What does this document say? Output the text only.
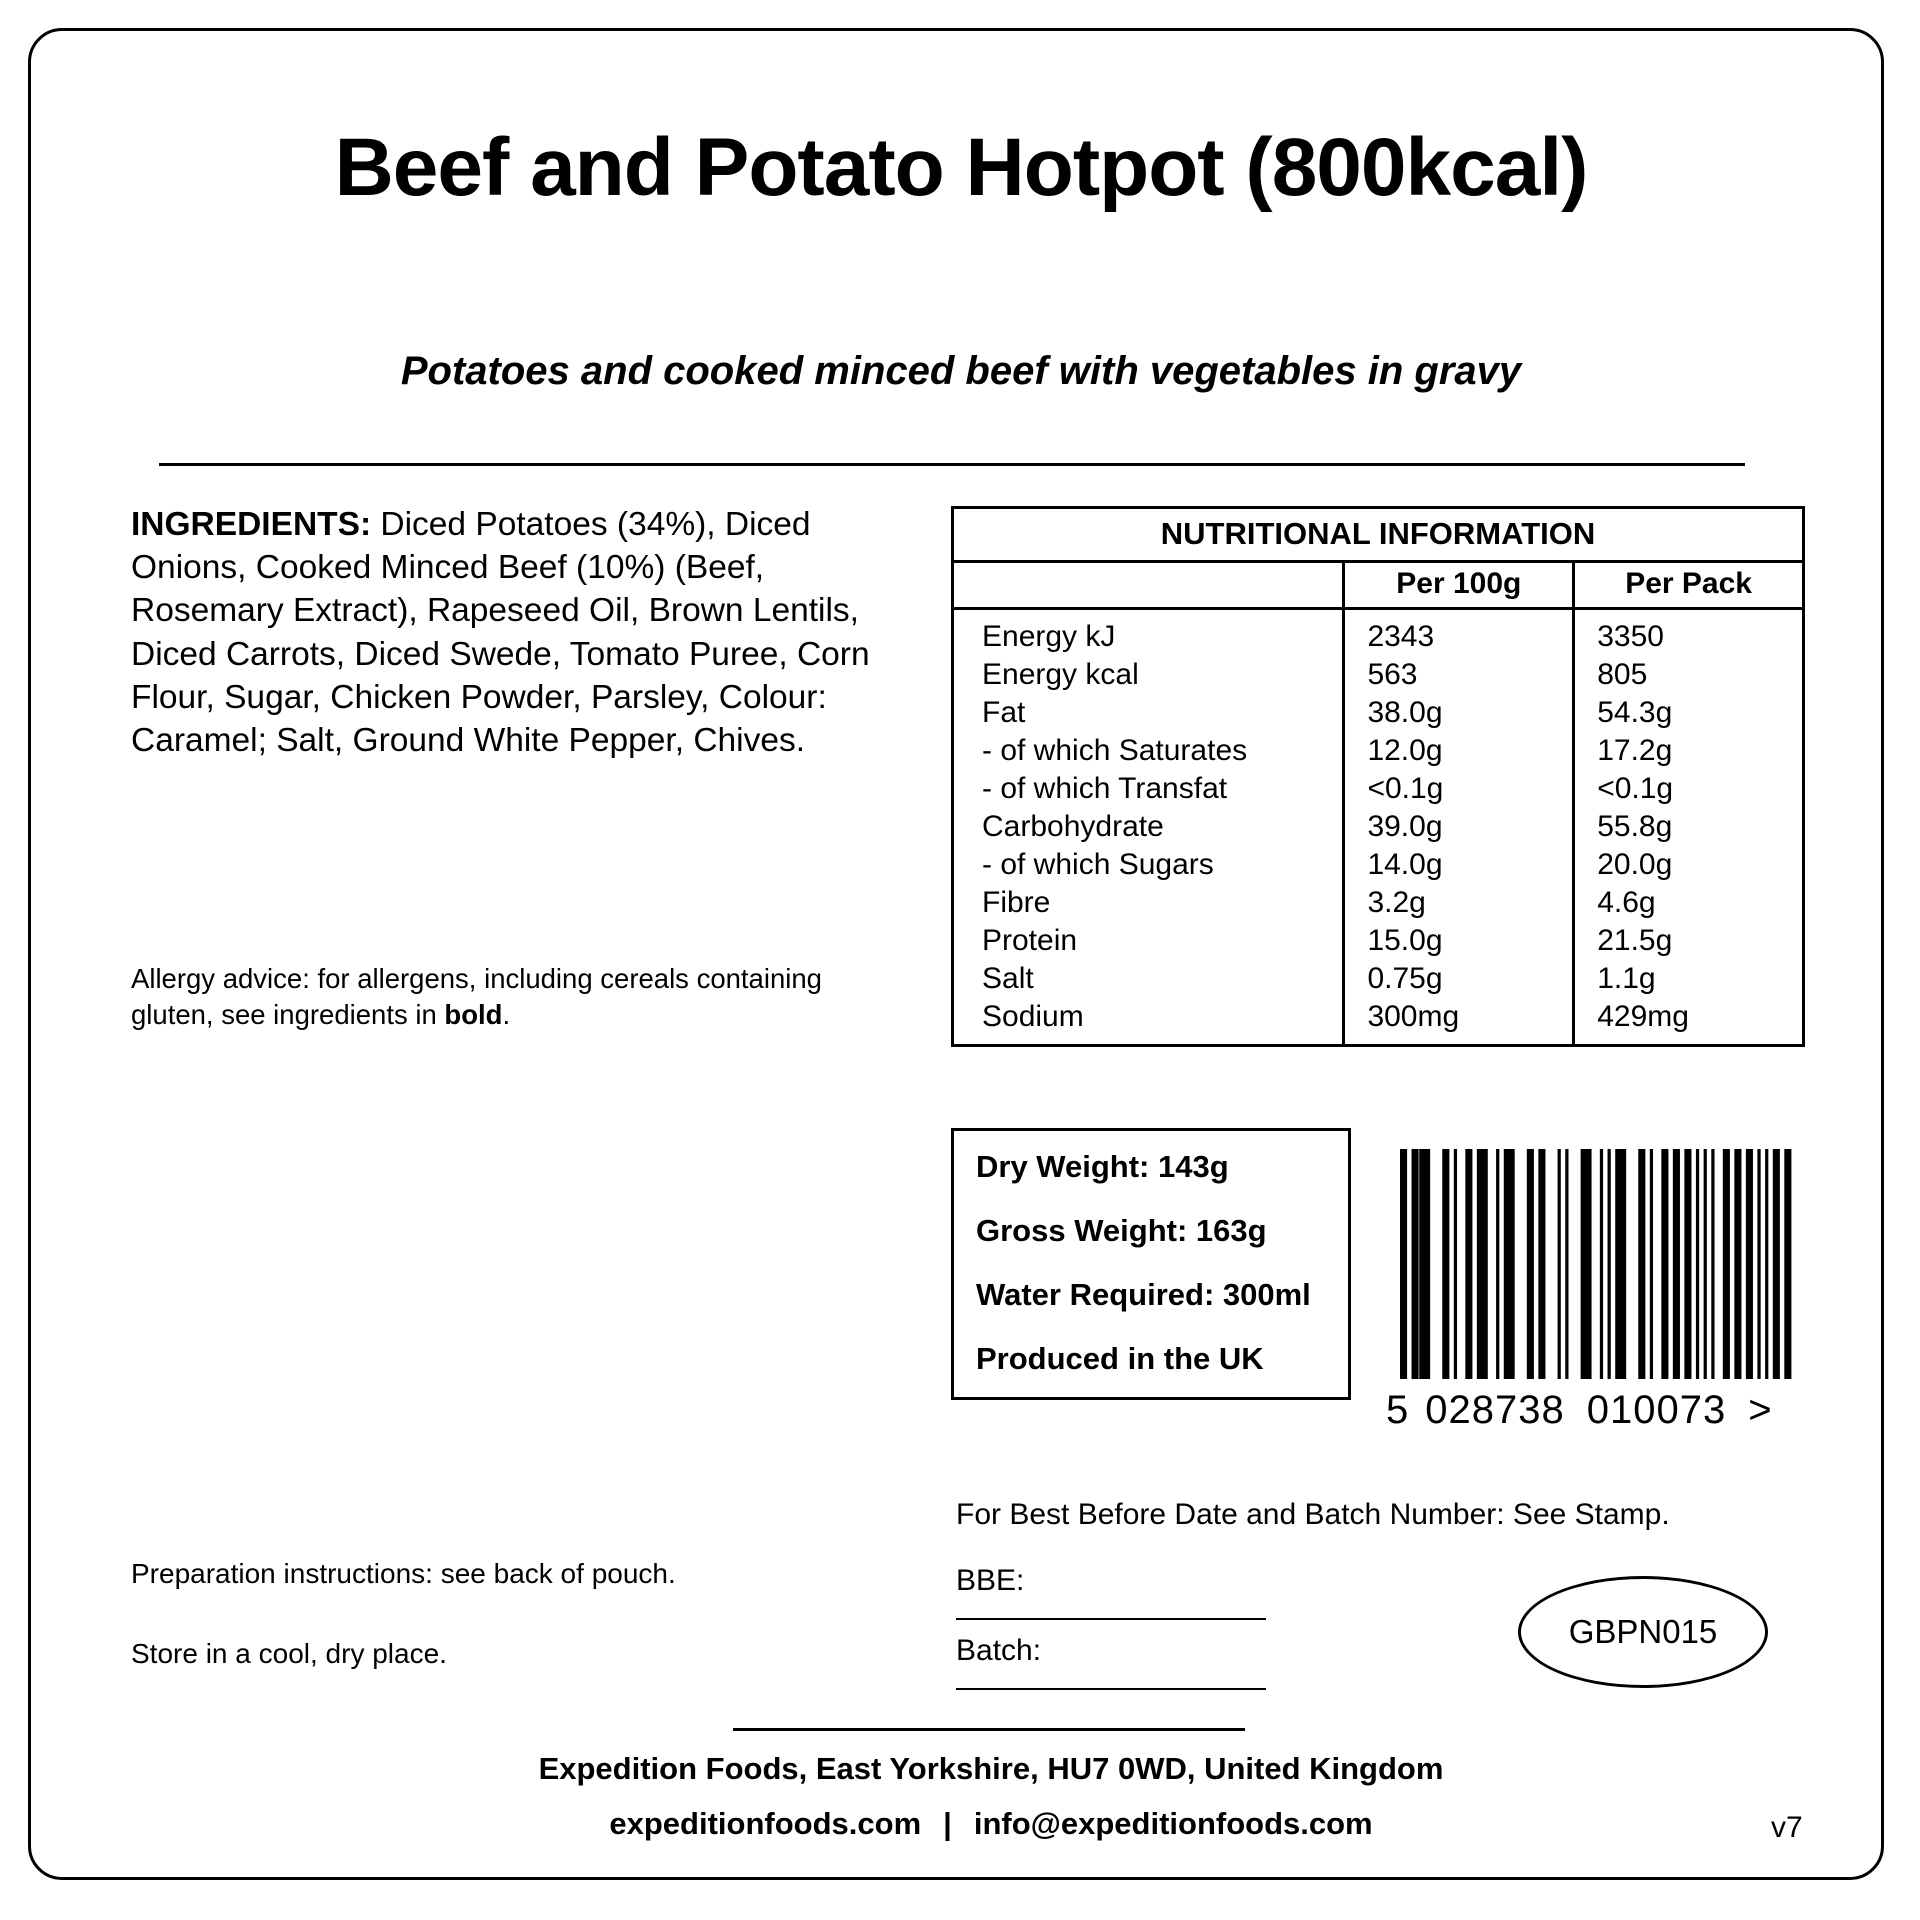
Beef and Potato Hotpot (800kcal)
Potatoes and cooked minced beef with vegetables in gravy
INGREDIENTS: Diced Potatoes (34%), Diced Onions, Cooked Minced Beef (10%) (Beef, Rosemary Extract), Rapeseed Oil, Brown Lentils, Diced Carrots, Diced Swede, Tomato Puree, Corn Flour, Sugar, Chicken Powder, Parsley, Colour: Caramel; Salt, Ground White Pepper, Chives.
Allergy advice: for allergens, including cereals containing gluten, see ingredients in bold.
Preparation instructions: see back of pouch.
Store in a cool, dry place.
NUTRITIONAL INFORMATION
	Per 100g	Per Pack
Energy kJ	2343	3350
Energy kcal	563	805
Fat	38.0g	54.3g
- of which Saturates	12.0g	17.2g
- of which Transfat	<0.1g	<0.1g
Carbohydrate	39.0g	55.8g
- of which Sugars	14.0g	20.0g
Fibre	3.2g	4.6g
Protein	15.0g	21.5g
Salt	0.75g	1.1g
Sodium	300mg	429mg
Dry Weight: 143g
Gross Weight: 163g
Water Required: 300ml
Produced in the UK
5 028738 010073 >
For Best Before Date and Batch Number: See Stamp.
BBE:
Batch:
GBPN015
Expedition Foods, East Yorkshire, HU7 0WD, United Kingdom
expeditionfoods.com | info@expeditionfoods.com	v7
